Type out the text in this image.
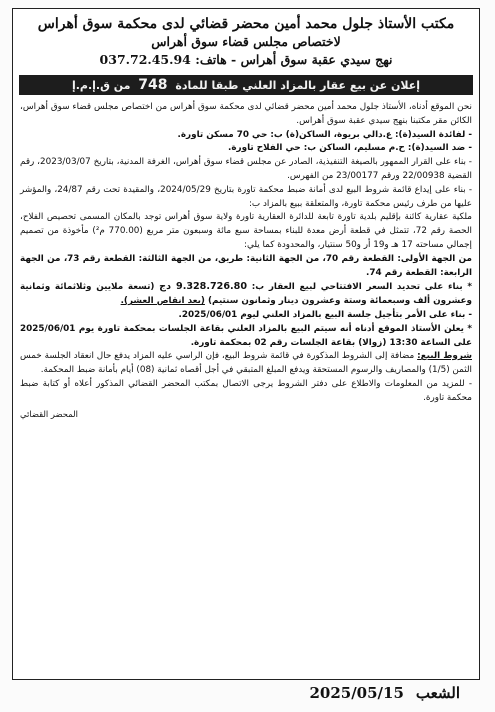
مكتب الأستاذ جلول محمد أمين محضر قضائي لدى محكمة سوق أهراس
لاختصاص مجلس قضاء سوق أهراس
نهج سيدي عقبة سوق أهراس - هاتف: 037.72.45.94
إعلان عن بيع عقار بالمزاد العلني طبقا للمادة 748 من ق.إ.م.إ

نحن الموقع أدناه، الأستاذ جلول محمد أمين محضر قضائي لدى محكمة سوق أهراس من اختصاص مجلس قضاء سوق أهراس، الكائن مقر مكتبنا بنهج سيدي عقبة سوق أهراس.

- لفائدة السيد(ة): ع.دالي بريوة، الساكن(ة) ب: حي 70 مسكن تاورة.

- ضد السيد(ة): ح.م مسليم، الساكن ب: حي الفلاح تاورة.

- بناء على القرار الممهور بالصيغة التنفيذية، الصادر عن مجلس قضاء سوق أهراس، الغرفة المدنية، بتاريخ 2023/03/07، رقم القضية 22/00938 ورقم 23/00177 من الفهرس.

- بناء على إيداع قائمة شروط البيع لدى أمانة ضبط محكمة تاورة بتاريخ 2024/05/29، والمقيدة تحت رقم 24/87، والمؤشر عليها من طرف رئيس محكمة تاورة، والمتعلقة ببيع بالمزاد ب:

ملكية عقارية كائنة بإقليم بلدية تاورة تابعة للدائرة العقارية تاورة ولاية سوق أهراس توجد بالمكان المسمى تحصيص الفلاح، الحصة رقم 72، تتمثل في قطعة أرض معدة للبناء بمساحة سبع مائة وسبعون متر مربع (770.00 م²) مأخوذة من تصميم إجمالي مساحته 17 هـ و19 أر و50 سنتيار، والمحدودة كما يلي:

من الجهة الأولى: القطعة رقم 70، من الجهة الثانية: طريق، من الجهة الثالثة: القطعة رقم 73، من الجهة الرابعة: القطعة رقم 74.

* بناء على تحديد السعر الافتتاحي لبيع العقار ب: 9.328.726.80 دج (تسعة ملايين وثلاثمائة وثمانية وعشرون ألف وسبعمائة وستة وعشرون دينار وثمانون سنتيم) (بعد انقاص العشر).

- بناء على الأمر بتأجيل جلسة البيع بالمزاد العلني ليوم 2025/06/01.

* يعلن الأستاذ الموقع أدناه أنه سيتم البيع بالمزاد العلني بقاعة الجلسات بمحكمة تاورة يوم 2025/06/01 على الساعة 13:30 (زوالا) بقاعة الجلسات رقم 02 بمحكمة تاورة.

شروط البيع: مضافة إلى الشروط المذكورة في قائمة شروط البيع، فإن الراسي عليه المزاد يدفع حال انعقاد الجلسة خمس الثمن (1/5) والمصاريف والرسوم المستحقة ويدفع المبلغ المتبقي في أجل أقصاه ثمانية (08) أيام بأمانة ضبط المحكمة.

- للمزيد من المعلومات والاطلاع على دفتر الشروط يرجى الاتصال بمكتب المحضر القضائي المذكور أعلاه أو كتابة ضبط محكمة تاورة.

المحضر القضائي
الشعب
2025/05/15
